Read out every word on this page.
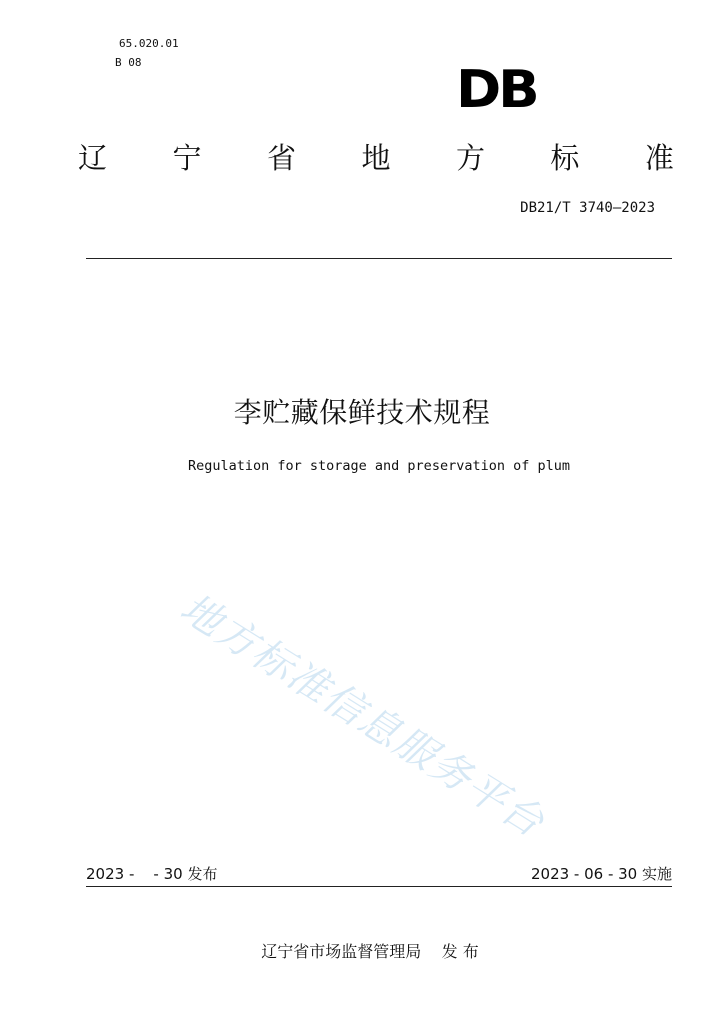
65.020.01
B 08	DB
辽 宁 省 地 方 标 准
DB21/T 3740—2023
李贮藏保鲜技术规程
Regulation for storage and preservation of plum
地方标准信息服务平台
2023 -    - 30 发布	2023 - 06 - 30 实施
辽宁省市场监督管理局    发 布
